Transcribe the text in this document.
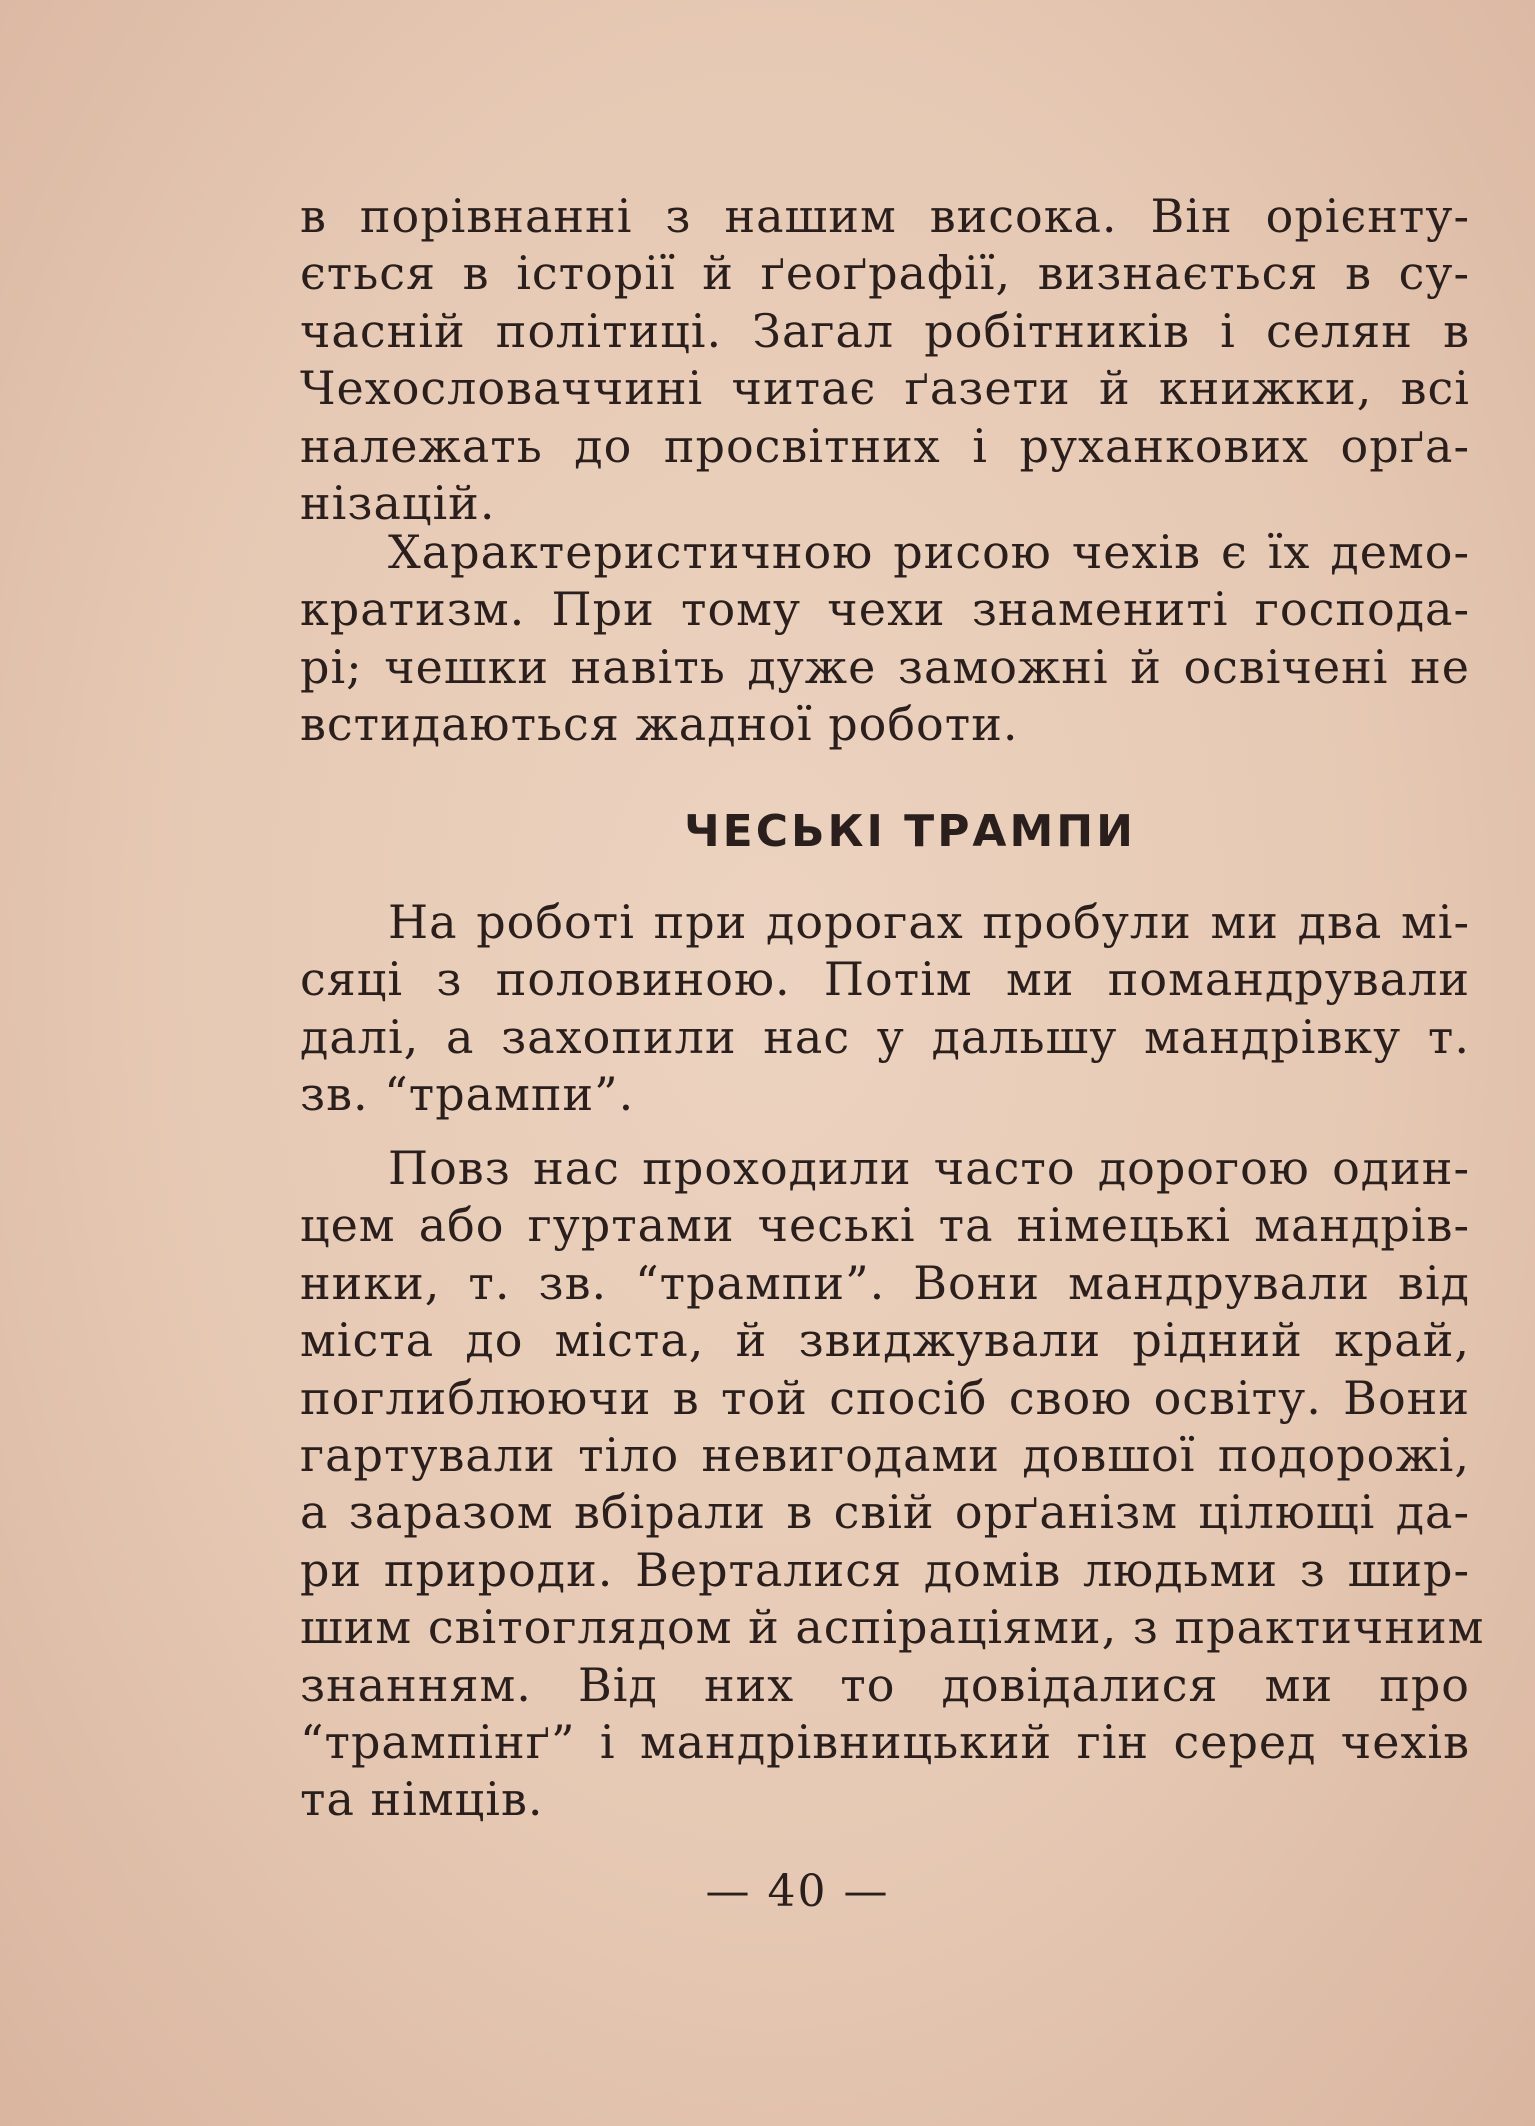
в порівнанні з нашим висока. Він орієнту-
ється в історії й ґеоґрафії, визнається в су-
часній політиці. Загал робітників і селян в
Чехословаччині читає ґазети й книжки, всі
належать до просвітних і руханкових орґа-
нізацій.
Характеристичною рисою чехів є їх демо-
кратизм. При тому чехи знамениті господа-
рі; чешки навіть дуже заможні й освічені не
встидаються жадної роботи.
ЧЕСЬКІ ТРАМПИ
На роботі при дорогах пробули ми два мі-
сяці з половиною. Потім ми помандрували
далі, а захопили нас у дальшу мандрівку т.
зв. “трампи”.
Повз нас проходили часто дорогою один-
цем або гуртами чеські та німецькі мандрів-
ники, т. зв. “трампи”. Вони мандрували від
міста до міста, й звиджували рідний край,
поглиблюючи в той спосіб свою освіту. Вони
гартували тіло невигодами довшої подорожі,
а заразом вбірали в свій орґанізм цілющі да-
ри природи. Верталися домів людьми з шир-
шим світоглядом й аспіраціями, з практичним
знанням. Від них то довідалися ми про
“трампінґ” і мандрівницький гін серед чехів
та німців.
— 40 —
